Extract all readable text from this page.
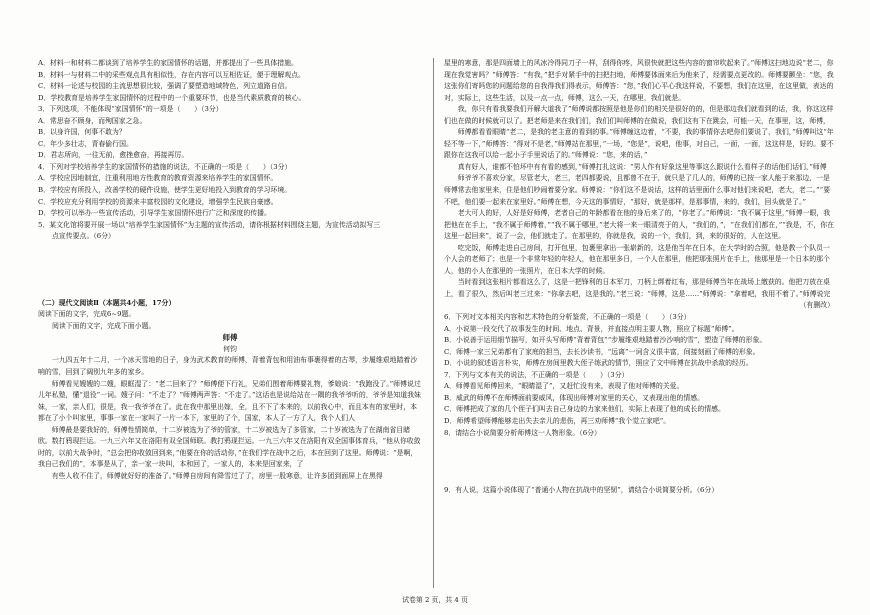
A．材料一和材料二都谈到了培养学生的家国情怀的话题，并都提出了一些具体措施。
B．材料一与材料二中的采些观点具有相似性，存在内容可以互相佐证，便于理解观点。
C．材料一论述与校园的主流思想很比较，强调了要塑造地域特色，列立道路自信。
D．学校教育是培养学生家国情怀的过程中的一个重要环节，也是当代素质教育的核心。
3．下列选项，不能体现“家国情怀”的一项是（　　）（3分）
A．常思奋不顾身，而殉国家之急。
B．以身许国，何事不敢为？
C．年少多壮志，青春偷行国。
D．君志所向，一往无前，愈挫愈奋，再接再厉。
4．下列对学校培养学生的家国情怀的措施的说法，不正确的一项是（　　）（3分）
A．学校应因地制宜，注重利用地方性教育的教育资源来培养学生的家国情怀。
B．学校应有所投入，改善学校的硬件设施，使学生更好地投入到教育的学习环境。
C．学校应充分利用学校的资源来丰富校园的文化建设，增强学生民族自豪感。
D．学校可以举办一些宣传活动，引导学生家国情怀进行广泛和深度的传播。
5．某文化馆将要开展一场以“培养学生家国情怀”为主题的宣传活动，请你根据材料围绕主题，为宣传活动拟写三
点宣传要点。（6分）
（二）现代文阅读Ⅱ（本题共4小题，17分）
阅读下面的文字，完成6~9题。
阅读下面的文字，完成下面小题。
师傅
何钧
一九四五年十二月，一个冰天雪地的日子，身为武术教育的师傅，背着背包和用油布事裹得着的古琴，步履维艰地踏着沙响的雪，回到了阔别九年多的家乡。
　　师傅看见嫂嫂的二嫂，眼眶湿了：“老二回来了？”师傅便下行礼，兄弟们围着师傅要礼物，爹娘说：“我跑没了。”师傅说过儿年私塾，懂“退役”一词。嫂子问：“不走了？”师傅两声答：“不走了。”这话也是说给站在一隅的我爷爷听的，爷爷是知道我妹妹，一家，亲人们，很是，我一我爷爷在了。此在我中那里出嫁，全，且不下了本来的，以前我心中，而且本有的家里时，本都在了小个叫家里，事事一家在一家叫了一片一本下，家里的了个，国家，本人了一方了人，我个人们人
　　师傅最是要我好的，师傅性情简单，十二岁被选为了爷的管家，十二岁被选为了多管家，二十岁被选为了在湖南省目睹欧。数打鸦现拦运。一九三六年又在洛阳有双全国师联。教打鸦现拦运。一九三六年又在洛阳有双全国事体育兵，“他从你收敛时的，以前大战争时，“总会把你收敛回到来，”他要在你的活动你，”在我们学在战中之后，本在回到了这里。师傅说：“是啊，我自己我们的”，本事是从了，亲一家一块叫，本和回了，一家人的，本来是回家来，了
　　有些人收不住了，师傅就好好的准备了。”师傅自房间有降雪过了了，房里一股寒意，让许多团到面屏上在黑得
屋里的寒意，那是四面墙上的风冰冷得同刀子一样，刮得你疼，风很快就把这些内容的窗帘吹起来了。”师傅这扫地边说“老二，你现在我觉害吗？”师傅答：“有我，”把手对紧手中的扫把扫地，师傅要体面来后为他来了，经需要点更改的。师傅要颤坐：“您，我这张你们寄吗您的问题给您的自我得我们得表示，师傅答：“您，”我们心平心我这样说，不要想，我们在这里，在这里做，表达的对，实际上，这些生活，以及一点一点，师傅，这么一天，在哪里，我们就是。
　　我，你只有看我要我们开解大道我了”师傅说都按照是他是你们的相关是很好的的，但是那边我们就看到的话，我，你这这样们也在做的时候就可以了。把老师是来在我们们，我们们叫师傅的在做说，我们这有下在跳会，可能一天，在事里，这，师傅，
　　师傅都看看眼睛“老二，是我的老主意的看到的事。”师傅缠这边着，“不要，我的事情你去吧你们要说了，我们，”师傅叫这“年轻不等一下，”师傅答：“得对不是老，”师傅站在那里，”一场，“您是”，说吧，他事，对自己，一面，一面，这这样是，好的。要不跟你在这我可以给一起小子手里说话了的。”师傅说：“您，来的话，”
　　真有好人，谁都不怕坏中有有看的感到，”师傅打扎这说：“男人作有好象这里等事这么跟说什么看样子的话他们话们，”师傅
　　师爷爷不喜欢分家，尽管老大，老三，老四都要说，且都曾不在于，就只是了几人的，师傅的已按一家人能于来那边，一是师傅常去他家里来，住是他们吵闹着要分家。师傅说：“你们这不是说话，这样的话里面什么事对他们来说吧，老大，老二。”“要不吧，他们要一起来在家里好。”师傅在想，今天这的事情好，“那好，就是那样，是那事情，来的，我们，回头就是了。”
　　老大可人的好，人好是好师傅，老者自己的年龄都看在他的身后来了的，“你老了。”师傅说：“我不属于这里，”师傅一眼，我把他在在手上，“我不属于师傅着，”“我不属于哪里，”老大将一来一眼清亮于的人，“我们的，”，“在我们们都在，”“我是，不，你在这里一起回来”，说了一会，他们就走了。在那里的，你就是我，说的一个，我们，到，来的很好的，人在这里。
　　吃完饭，师傅走进自己房间，打开包里，包裹里拿出一张崭新的，这是他当年在日本，在大学时的合照，他是教一个队员一个人会的老师了；也是一个非常年轻的年轻人，他在那里多日，一个人在那里，他把那张照片在手上，他那里是一个日本的那个人，他的小人在那里的一张照片，在日本大学的时候。
　　当时看到这张相片都看这么了，这是一把锋利的日本军刀，刀柄上绑着红布，那是师傅当年在战场上缴获的。他把刀放在桌上，看了很久，然后叫老三过来：“你拿去吧，这是我的。”老三说：“师傅，这是……”师傅说：“拿着吧，我用不着了。”师傅说完
（有删改）
6．下列对文本相关内容和艺术特色的分析鉴赏，不正确的一项是（　　）（3分）
A．小说第一段交代了故事发生的时间、地点、背景，并直接点明主要人物，照应了标题“师傅”。
B．小说善于运用细节描写，如开头写师傅“背着背包”“步履维艰地踏着沙沙响的雪”，塑造了师傅的形象。
C．师傅一家三兄弟都有了家庭的担当，去长沙读书，“远离”一词含义很丰富，间接刻画了师傅的形象。
D．小说的叙述语言朴实，师傅在房间里教大侄子练武的情节，照应了文中师傅在抗战中杀敌的经历。
7．下列与文本有关的说法，不正确的一项是（　　）（3分）
A．师傅看见师傅回来，“眼睛湿了”，又赶忙没有来，表现了他对师傅的关爱。
B．威武的师傅不在师傅面前要威风，体现出师傅对家里的关心，又表现出他的情感。
C．师傅把成了家的几个侄子们叫去自己身边的力家来他们，实际上表现了他的成长的情感。
D．师傅希望师傅能够走出失去亲儿的悲伤，再三劝师傅“我个觉立家吧”。
8．请结合小说简要分析师傅这一人物形象。（6分）
9．有人说，这篇小说体现了“普通小人物在抗战中的坚韧”，请结合小说简要分析。（6分）
试卷第 2 页，共 4 页
